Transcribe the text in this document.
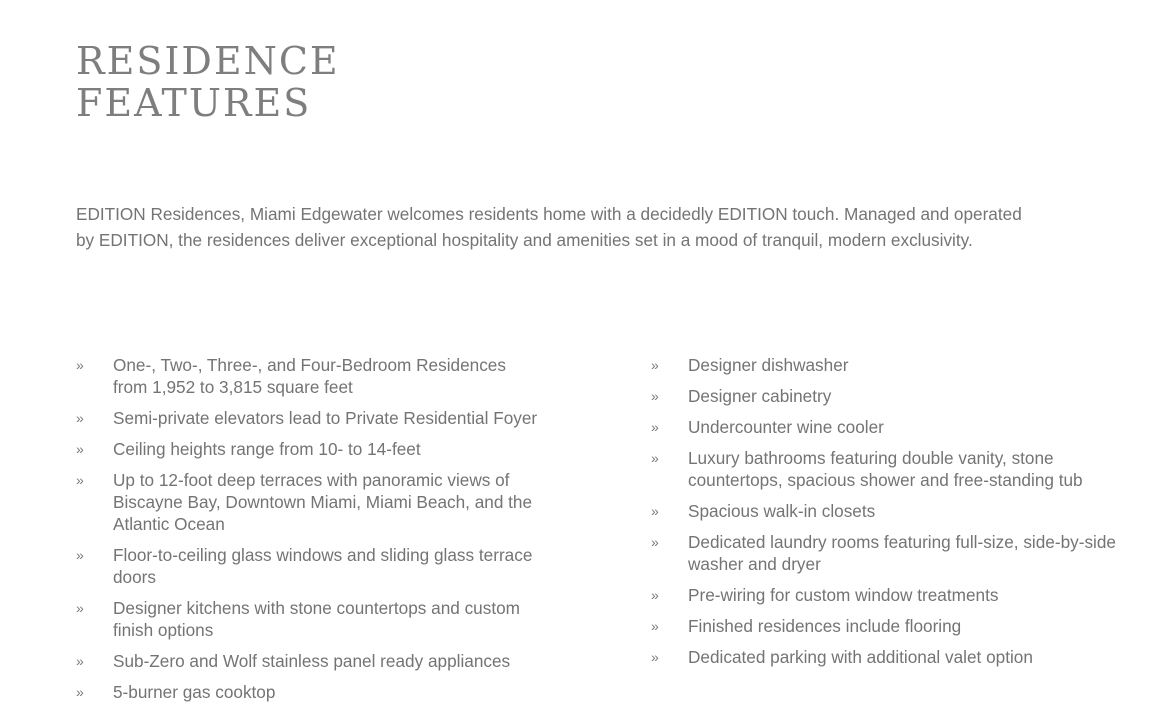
RESIDENCE
FEATURES

EDITION Residences, Miami Edgewater welcomes residents home with a decidedly EDITION touch. Managed and operated
by EDITION, the residences deliver exceptional hospitality and amenities set in a mood of tranquil, modern exclusivity.

»	One-, Two-, Three-, and Four-Bedroom Residences
from 1,952 to 3,815 square feet
»	Semi-private elevators lead to Private Residential Foyer
»	Ceiling heights range from 10- to 14-feet
»	Up to 12-foot deep terraces with panoramic views of
Biscayne Bay, Downtown Miami, Miami Beach, and the
Atlantic Ocean
»	Floor-to-ceiling glass windows and sliding glass terrace
doors
»	Designer kitchens with stone countertops and custom
finish options
»	Sub-Zero and Wolf stainless panel ready appliances
»	5-burner gas cooktop
»	Designer dishwasher
»	Designer cabinetry
»	Undercounter wine cooler
»	Luxury bathrooms featuring double vanity, stone
countertops, spacious shower and free-standing tub
»	Spacious walk-in closets
»	Dedicated laundry rooms featuring full-size, side-by-side
washer and dryer
»	Pre-wiring for custom window treatments
»	Finished residences include flooring
»	Dedicated parking with additional valet option
